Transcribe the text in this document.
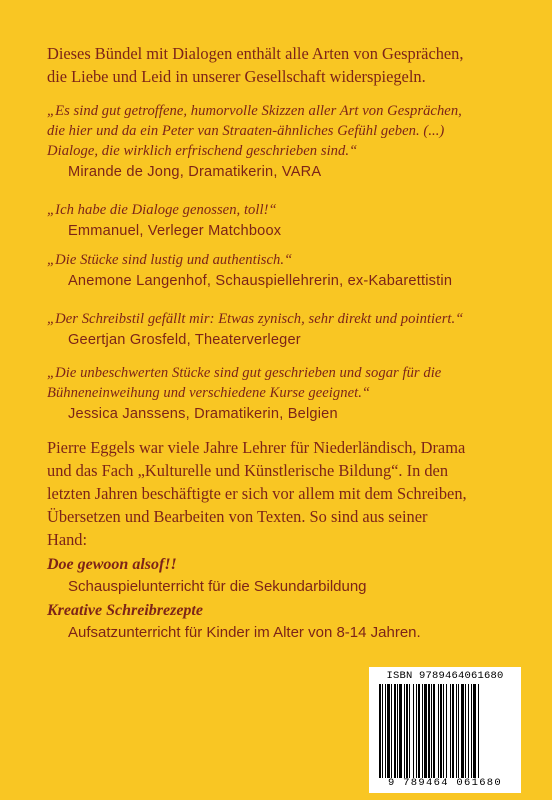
Dieses Bündel mit Dialogen enthält alle Arten von Gesprächen,
die Liebe und Leid in unserer Gesellschaft widerspiegeln.

„Es sind gut getroffene, humorvolle Skizzen aller Art von Gesprächen,
die hier und da ein Peter van Straaten-ähnliches Gefühl geben. (...)
Dialoge, die wirklich erfrischend geschrieben sind.“
Mirande de Jong, Dramatikerin, VARA
„Ich habe die Dialoge genossen, toll!“
Emmanuel, Verleger Matchboox
„Die Stücke sind lustig und authentisch.“
Anemone Langenhof, Schauspiellehrerin, ex-Kabarettistin
„Der Schreibstil gefällt mir: Etwas zynisch, sehr direkt und pointiert.“
Geertjan Grosfeld, Theaterverleger
„Die unbeschwerten Stücke sind gut geschrieben und sogar für die
Bühneneinweihung und verschiedene Kurse geeignet.“
Jessica Janssens, Dramatikerin, Belgien

Pierre Eggels war viele Jahre Lehrer für Niederländisch, Drama
und das Fach „Kulturelle und Künstlerische Bildung“. In den
letzten Jahren beschäftigte er sich vor allem mit dem Schreiben,
Übersetzen und Bearbeiten von Texten. So sind aus seiner
Hand:

Doe gewoon alsof!!
Schauspielunterricht für die Sekundarbildung
Kreative Schreibrezepte
Aufsatzunterricht für Kinder im Alter von 8-14 Jahren.
ISBN 9789464061680
9 789464 061680
